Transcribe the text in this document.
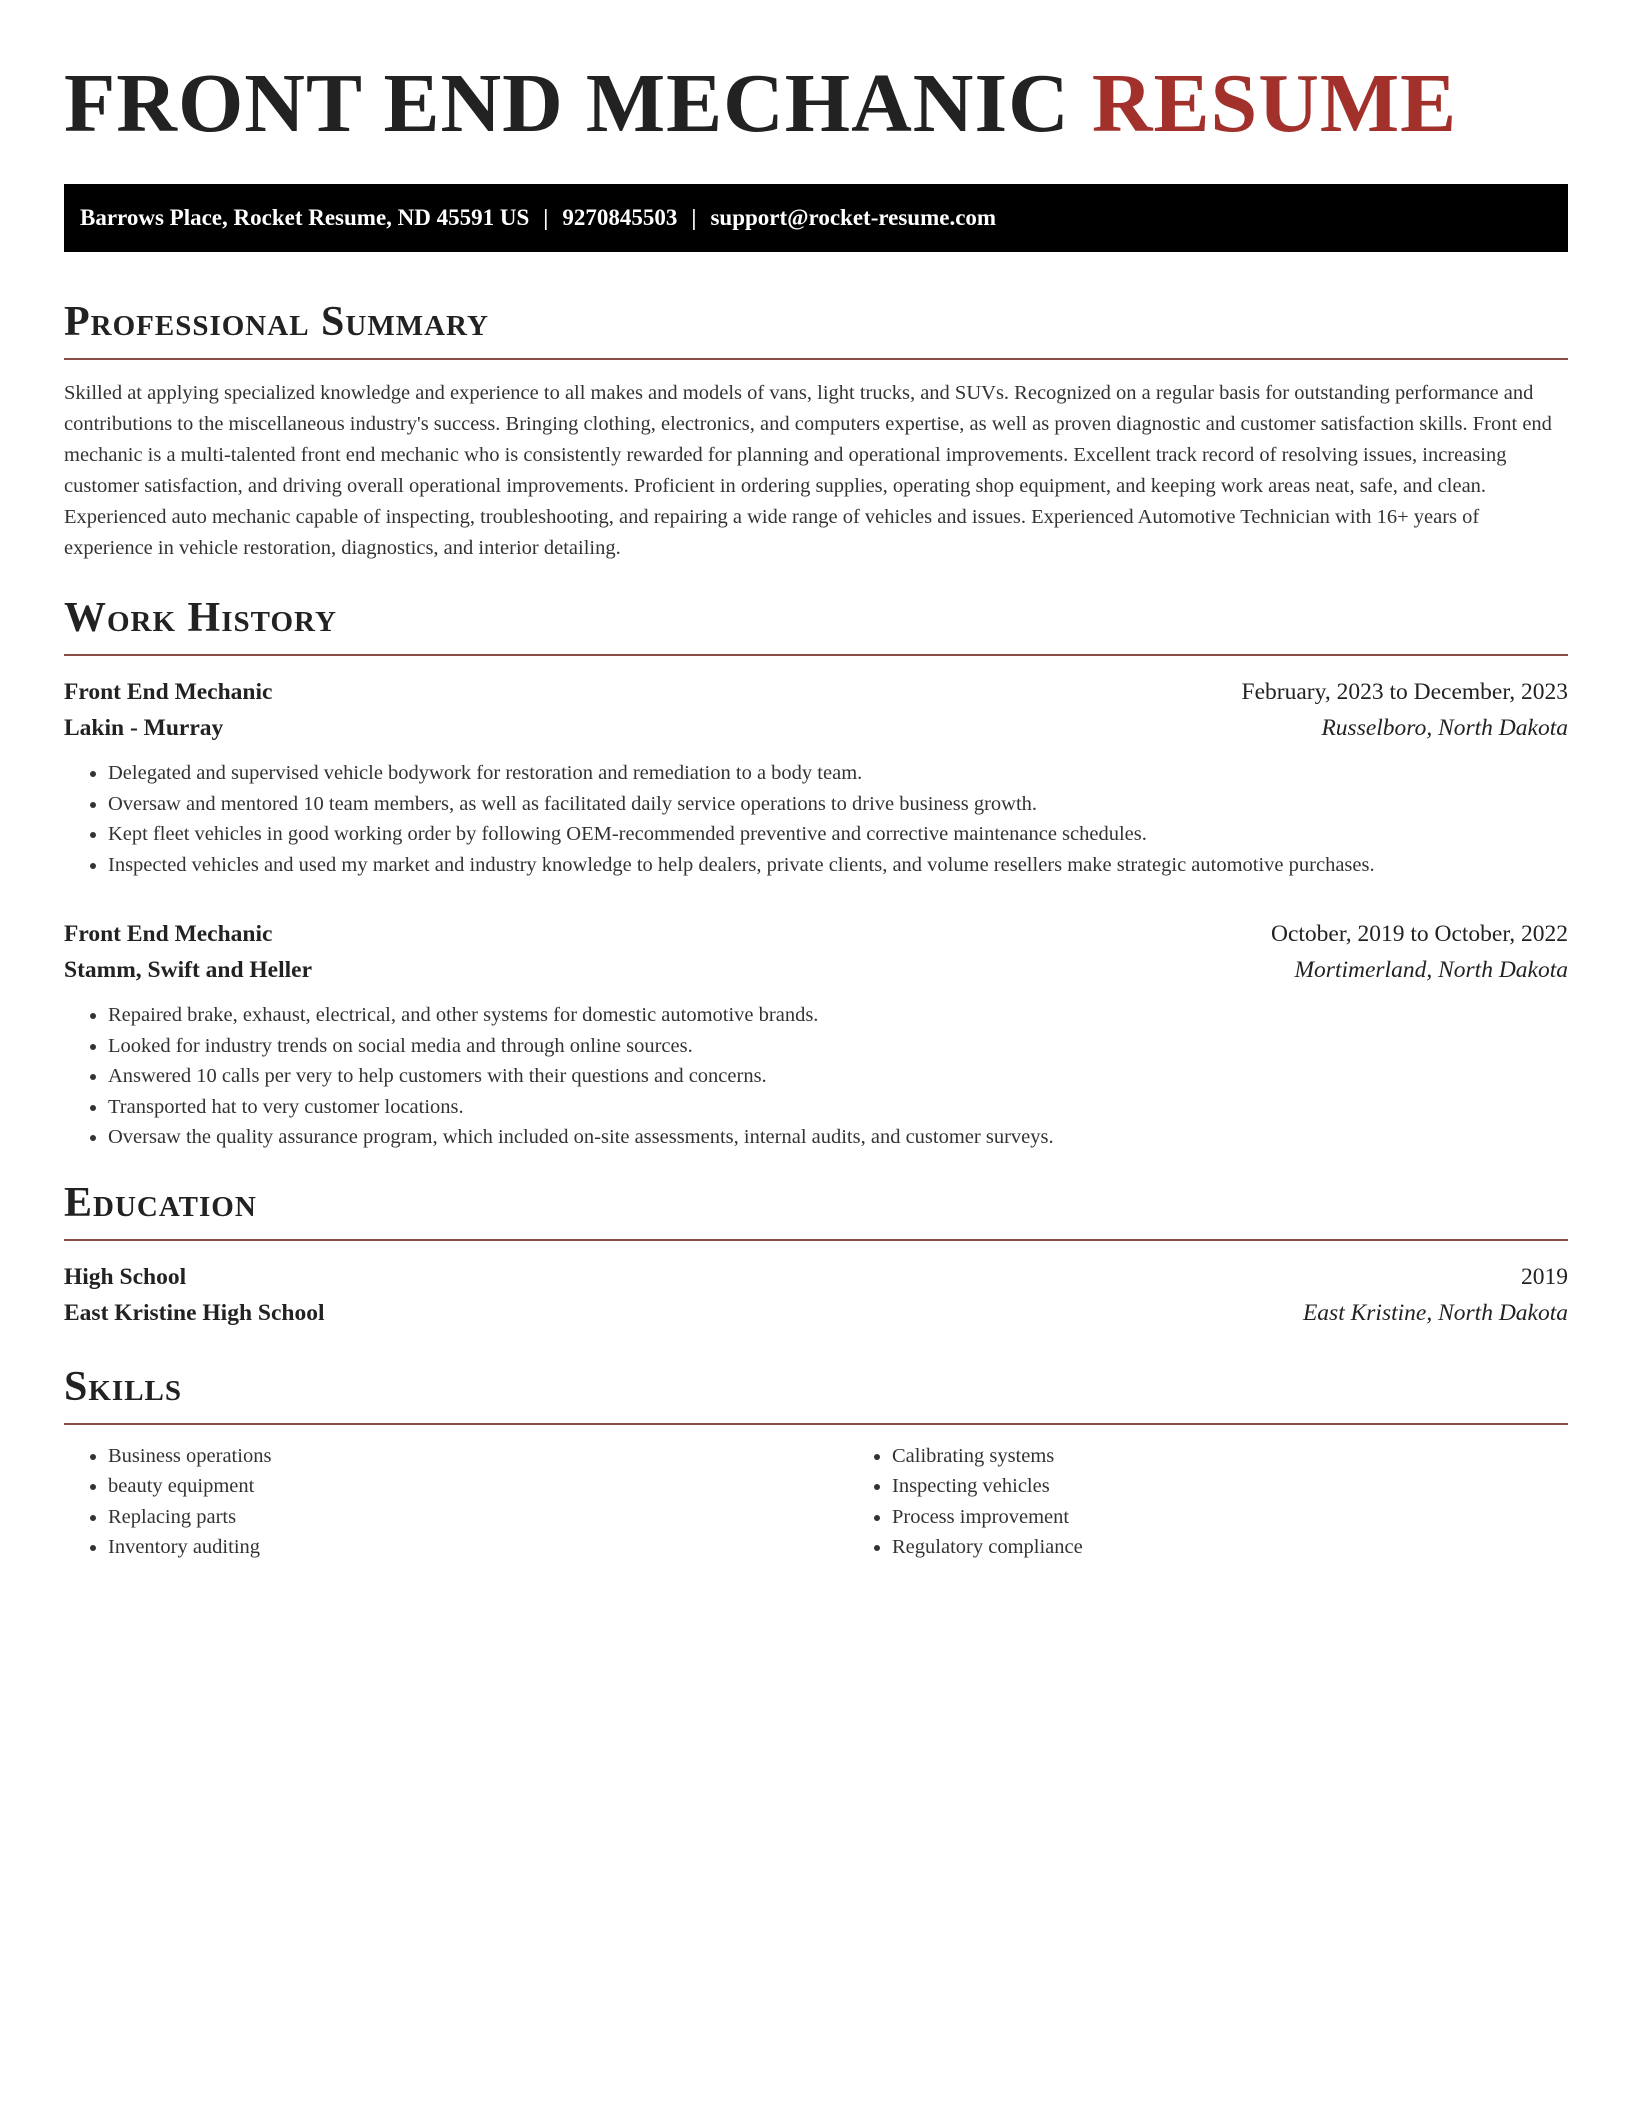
FRONT END MECHANIC RESUME
Barrows Place, Rocket Resume, ND 45591 US | 9270845503 | support@rocket-resume.com
Professional Summary

Skilled at applying specialized knowledge and experience to all makes and models of vans, light trucks, and SUVs. Recognized on a regular basis for outstanding performance and contributions to the miscellaneous industry's success. Bringing clothing, electronics, and computers expertise, as well as proven diagnostic and customer satisfaction skills. Front end mechanic is a multi-talented front end mechanic who is consistently rewarded for planning and operational improvements. Excellent track record of resolving issues, increasing customer satisfaction, and driving overall operational improvements. Proficient in ordering supplies, operating shop equipment, and keeping work areas neat, safe, and clean. Experienced auto mechanic capable of inspecting, troubleshooting, and repairing a wide range of vehicles and issues. Experienced Automotive Technician with 16+ years of experience in vehicle restoration, diagnostics, and interior detailing.

Work History
Front End Mechanic	February, 2023 to December, 2023
Lakin - Murray	Russelboro, North Dakota
• Delegated and supervised vehicle bodywork for restoration and remediation to a body team.
• Oversaw and mentored 10 team members, as well as facilitated daily service operations to drive business growth.
• Kept fleet vehicles in good working order by following OEM-recommended preventive and corrective maintenance schedules.
• Inspected vehicles and used my market and industry knowledge to help dealers, private clients, and volume resellers make strategic automotive purchases.
Front End Mechanic	October, 2019 to October, 2022
Stamm, Swift and Heller	Mortimerland, North Dakota
• Repaired brake, exhaust, electrical, and other systems for domestic automotive brands.
• Looked for industry trends on social media and through online sources.
• Answered 10 calls per very to help customers with their questions and concerns.
• Transported hat to very customer locations.
• Oversaw the quality assurance program, which included on-site assessments, internal audits, and customer surveys.
Education
High School	2019
East Kristine High School	East Kristine, North Dakota
Skills
• Business operations
• beauty equipment
• Replacing parts
• Inventory auditing
• Calibrating systems
• Inspecting vehicles
• Process improvement
• Regulatory compliance
